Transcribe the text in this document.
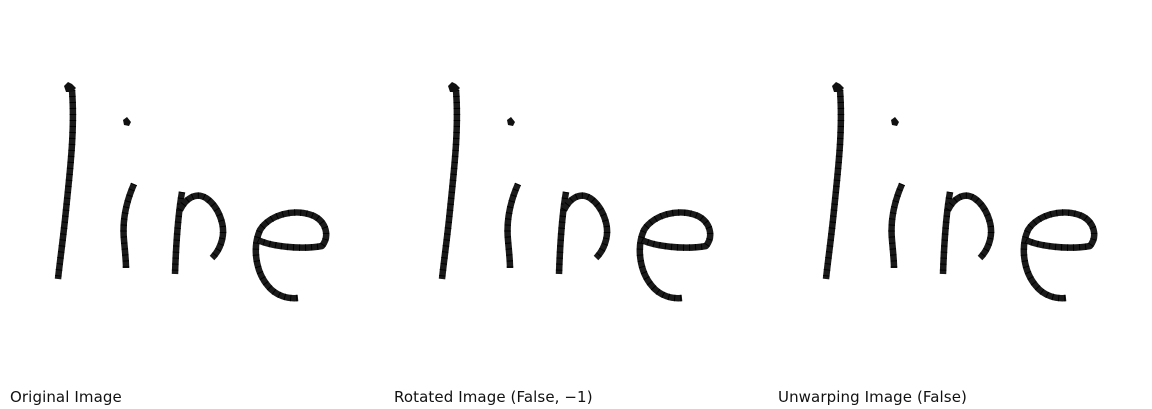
Original Image	Rotated Image (False, −1)	Unwarping Image (False)
